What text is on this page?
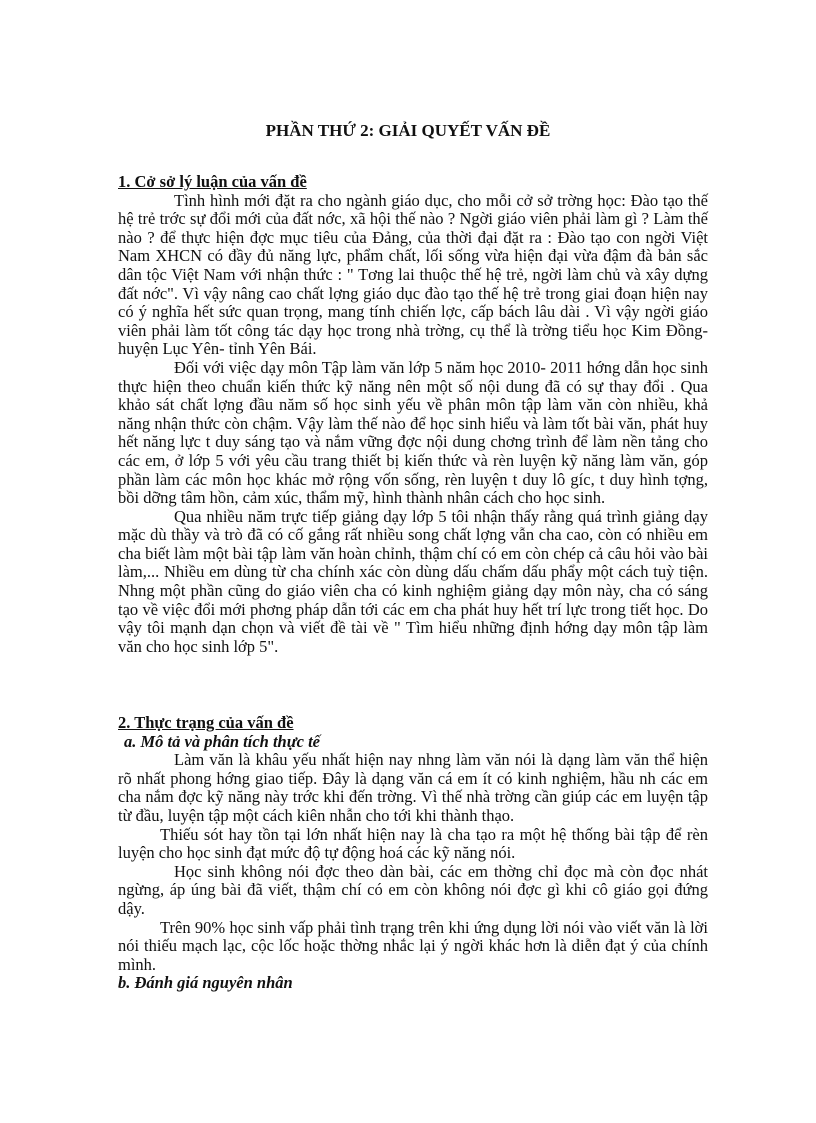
PHẦN THỨ 2: GIẢI QUYẾT VẤN ĐỀ

1. Cở sở lý luận của vấn đề

Tình hình mới đặt ra cho ngành giáo dục, cho mỗi cở sở trờng học: Đào tạo thế hệ trẻ trớc sự đổi mới của đất nớc, xã hội thế nào ? Ngời giáo viên phải làm gì ? Làm thế nào ? để thực hiện đợc mục tiêu của Đảng, của thời đại đặt ra : Đào tạo con ngời Việt Nam XHCN có đầy đủ năng lực, phẩm chất, lối sống vừa hiện đại vừa đậm đà bản sắc dân tộc Việt Nam với nhận thức : " Tơng lai thuộc thế hệ trẻ, ngời làm chủ và xây dựng đất nớc". Vì vậy nâng cao chất lợng giáo dục đào tạo thế hệ trẻ trong giai đoạn hiện nay có ý nghĩa hết sức quan trọng, mang tính chiến lợc, cấp bách lâu dài . Vì vậy ngời giáo viên phải làm tốt công tác dạy học trong nhà trờng, cụ thể là trờng tiểu học Kim Đồng- huyện Lục Yên- tỉnh Yên Bái.

Đối với việc dạy môn Tập làm văn lớp 5 năm học 2010- 2011 hớng dẫn học sinh thực hiện theo chuẩn kiến thức kỹ năng nên một số nội dung đã có sự thay đổi . Qua khảo sát chất lợng đầu năm số học sinh yếu về phân môn tập làm văn còn nhiều, khả năng nhận thức còn chậm. Vậy làm thế nào để học sinh hiểu và làm tốt bài văn, phát huy hết năng lực t duy sáng tạo và nắm vững đợc nội dung chơng trình để làm nền tảng cho các em, ở lớp 5 với yêu cầu trang thiết bị kiến thức và rèn luyện kỹ năng làm văn, góp phần làm các môn học khác mở rộng vốn sống, rèn luyện t duy lô gíc, t duy hình tợng, bồi dỡng tâm hồn, cảm xúc, thẩm mỹ, hình thành nhân cách cho học sinh.

Qua nhiều năm trực tiếp giảng dạy lớp 5 tôi nhận thấy rằng quá trình giảng dạy mặc dù thầy và trò đã có cố gắng rất nhiều song chất lợng vẫn cha cao, còn có nhiều em cha biết làm một bài tập làm văn hoàn chỉnh, thậm chí có em còn chép cả câu hỏi vào bài làm,... Nhiều em dùng từ cha chính xác còn dùng dấu chấm dấu phẩy một cách tuỳ tiện. Nhng một phần cũng do giáo viên cha có kinh nghiệm giảng dạy môn này, cha có sáng tạo về việc đổi mới phơng pháp dẫn tới các em cha phát huy hết trí lực trong tiết học. Do vậy tôi mạnh dạn chọn và viết đề tài về " Tìm hiểu những định hớng dạy môn tập làm văn cho học sinh lớp 5".

2. Thực trạng của vấn đề

a. Mô tả và phân tích thực tế

Làm văn là khâu yếu nhất hiện nay nhng làm văn nói là dạng làm văn thể hiện rõ nhất phong hớng giao tiếp. Đây là dạng văn cá em ít có kinh nghiệm, hầu nh các em cha nắm đợc kỹ năng này trớc khi đến trờng. Vì thế nhà trờng cần giúp các em luyện tập từ đầu, luyện tập một cách kiên nhẫn cho tới khi thành thạo.

Thiếu sót hay tồn tại lớn nhất hiện nay là cha tạo ra một hệ thống bài tập để rèn luyện cho học sinh đạt mức độ tự động hoá các kỹ năng nói.

Học sinh không nói đợc theo dàn bài, các em thờng chỉ đọc mà còn đọc nhát ngừng, áp úng bài đã viết, thậm chí có em còn không nói đợc gì khi cô giáo gọi đứng dậy.

Trên 90% học sinh vấp phải tình trạng trên khi ứng dụng lời nói vào viết văn là lời nói thiếu mạch lạc, cộc lốc hoặc thờng nhắc lại ý ngời khác hơn là diễn đạt ý của chính mình.

b. Đánh giá nguyên nhân
